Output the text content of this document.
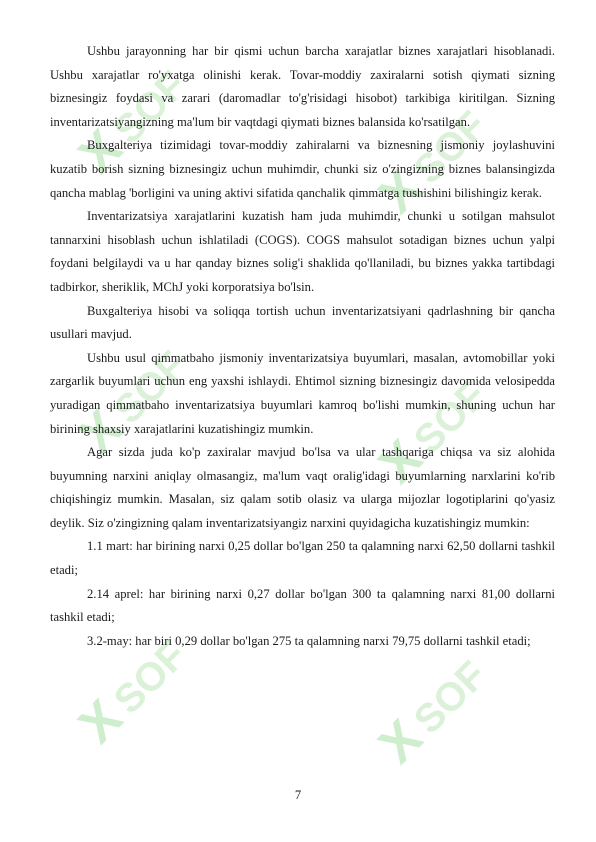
XSOF
XSOF
XSOF
XSOF
XSOF
XSOF

Ushbu jarayonning har bir qismi uchun barcha xarajatlar biznes xarajatlari hisoblanadi. Ushbu xarajatlar ro'yxatga olinishi kerak. Tovar-moddiy zaxiralarni sotish qiymati sizning biznesingiz foydasi va zarari (daromadlar to'g'risidagi hisobot) tarkibiga kiritilgan. Sizning inventarizatsiyangizning ma'lum bir vaqtdagi qiymati biznes balansida ko'rsatilgan.

Buxgalteriya tizimidagi tovar-moddiy zahiralarni va biznesning jismoniy joylashuvini kuzatib borish sizning biznesingiz uchun muhimdir, chunki siz o'zingizning biznes balansingizda qancha mablag 'borligini va uning aktivi sifatida qanchalik qimmatga tushishini bilishingiz kerak.

Inventarizatsiya xarajatlarini kuzatish ham juda muhimdir, chunki u sotilgan mahsulot tannarxini hisoblash uchun ishlatiladi (COGS). COGS mahsulot sotadigan biznes uchun yalpi foydani belgilaydi va u har qanday biznes solig'i shaklida qo'llaniladi, bu biznes yakka tartibdagi tadbirkor, sheriklik, MChJ yoki korporatsiya bo'lsin.

Buxgalteriya hisobi va soliqqa tortish uchun inventarizatsiyani qadrlashning bir qancha usullari mavjud.

Ushbu usul qimmatbaho jismoniy inventarizatsiya buyumlari, masalan, avtomobillar yoki zargarlik buyumlari uchun eng yaxshi ishlaydi. Ehtimol sizning biznesingiz davomida velosipedda yuradigan qimmatbaho inventarizatsiya buyumlari kamroq bo'lishi mumkin, shuning uchun har birining shaxsiy xarajatlarini kuzatishingiz mumkin.

Agar sizda juda ko'p zaxiralar mavjud bo'lsa va ular tashqariga chiqsa va siz alohida buyumning narxini aniqlay olmasangiz, ma'lum vaqt oralig'idagi buyumlarning narxlarini ko'rib chiqishingiz mumkin. Masalan, siz qalam sotib olasiz va ularga mijozlar logotiplarini qo'yasiz deylik. Siz o'zingizning qalam inventarizatsiyangiz narxini quyidagicha kuzatishingiz mumkin:

1.1 mart: har birining narxi 0,25 dollar bo'lgan 250 ta qalamning narxi 62,50 dollarni tashkil etadi;

2.14 aprel: har birining narxi 0,27 dollar bo'lgan 300 ta qalamning narxi 81,00 dollarni tashkil etadi;

3.2-may: har biri 0,29 dollar bo'lgan 275 ta qalamning narxi 79,75 dollarni tashkil etadi;

7
